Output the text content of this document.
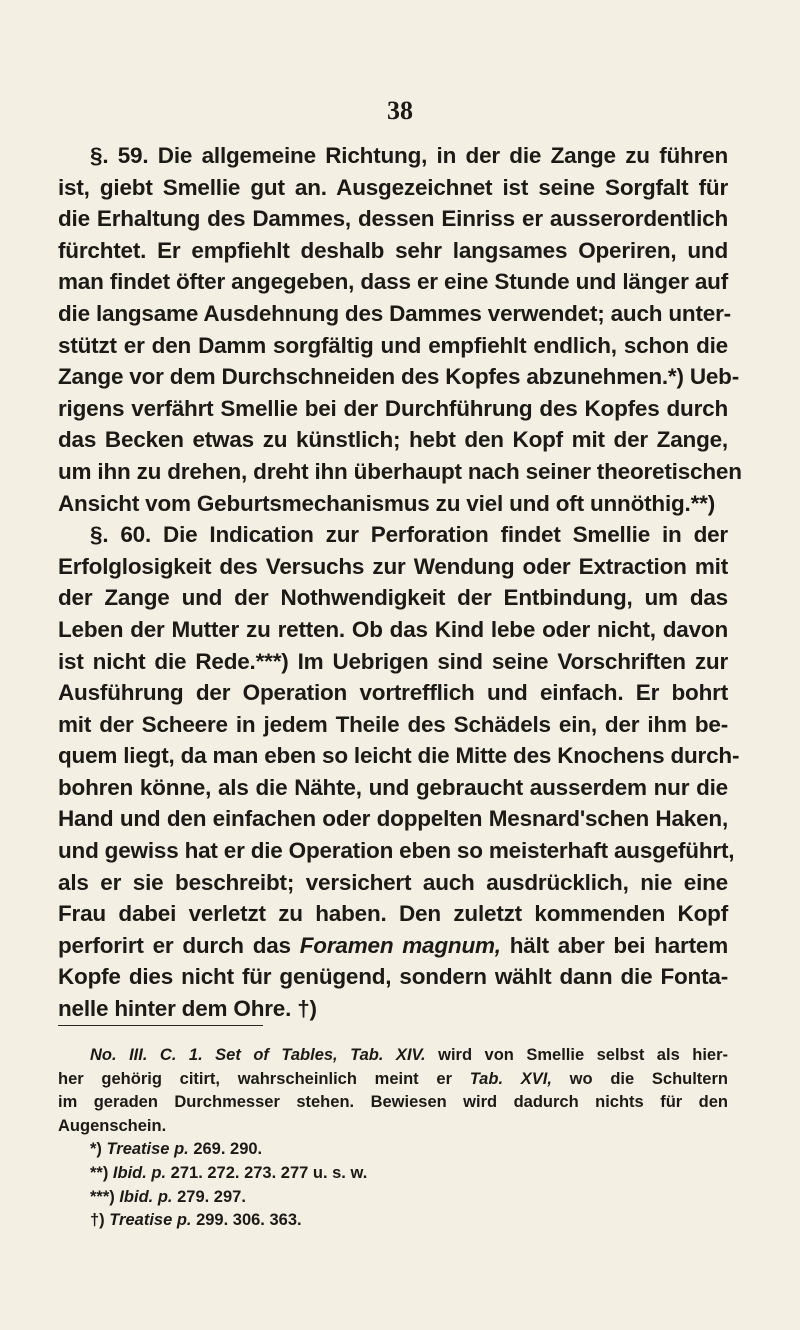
38
§. 59. Die allgemeine Richtung, in der die Zange zu führen
ist, giebt Smellie gut an. Ausgezeichnet ist seine Sorgfalt für
die Erhaltung des Dammes, dessen Einriss er ausserordentlich
fürchtet. Er empfiehlt deshalb sehr langsames Operiren, und
man findet öfter angegeben, dass er eine Stunde und länger auf
die langsame Ausdehnung des Dammes verwendet; auch unter-
stützt er den Damm sorgfältig und empfiehlt endlich, schon die
Zange vor dem Durchschneiden des Kopfes abzunehmen.*) Ueb-
rigens verfährt Smellie bei der Durchführung des Kopfes durch
das Becken etwas zu künstlich; hebt den Kopf mit der Zange,
um ihn zu drehen, dreht ihn überhaupt nach seiner theoretischen
Ansicht vom Geburtsmechanismus zu viel und oft unnöthig.**)
§. 60. Die Indication zur Perforation findet Smellie in der
Erfolglosigkeit des Versuchs zur Wendung oder Extraction mit
der Zange und der Nothwendigkeit der Entbindung, um das
Leben der Mutter zu retten. Ob das Kind lebe oder nicht, davon
ist nicht die Rede.***) Im Uebrigen sind seine Vorschriften zur
Ausführung der Operation vortrefflich und einfach. Er bohrt
mit der Scheere in jedem Theile des Schädels ein, der ihm be-
quem liegt, da man eben so leicht die Mitte des Knochens durch-
bohren könne, als die Nähte, und gebraucht ausserdem nur die
Hand und den einfachen oder doppelten Mesnard'schen Haken,
und gewiss hat er die Operation eben so meisterhaft ausgeführt,
als er sie beschreibt; versichert auch ausdrücklich, nie eine
Frau dabei verletzt zu haben. Den zuletzt kommenden Kopf
perforirt er durch das Foramen magnum, hält aber bei hartem
Kopfe dies nicht für genügend, sondern wählt dann die Fonta-
nelle hinter dem Ohre. †)
No. III. C. 1. Set of Tables, Tab. XIV. wird von Smellie selbst als hier-
her gehörig citirt, wahrscheinlich meint er Tab. XVI, wo die Schultern
im geraden Durchmesser stehen. Bewiesen wird dadurch nichts für den
Augenschein.
*) Treatise p. 269. 290.
**) Ibid. p. 271. 272. 273. 277 u. s. w.
***) Ibid. p. 279. 297.
†) Treatise p. 299. 306. 363.
